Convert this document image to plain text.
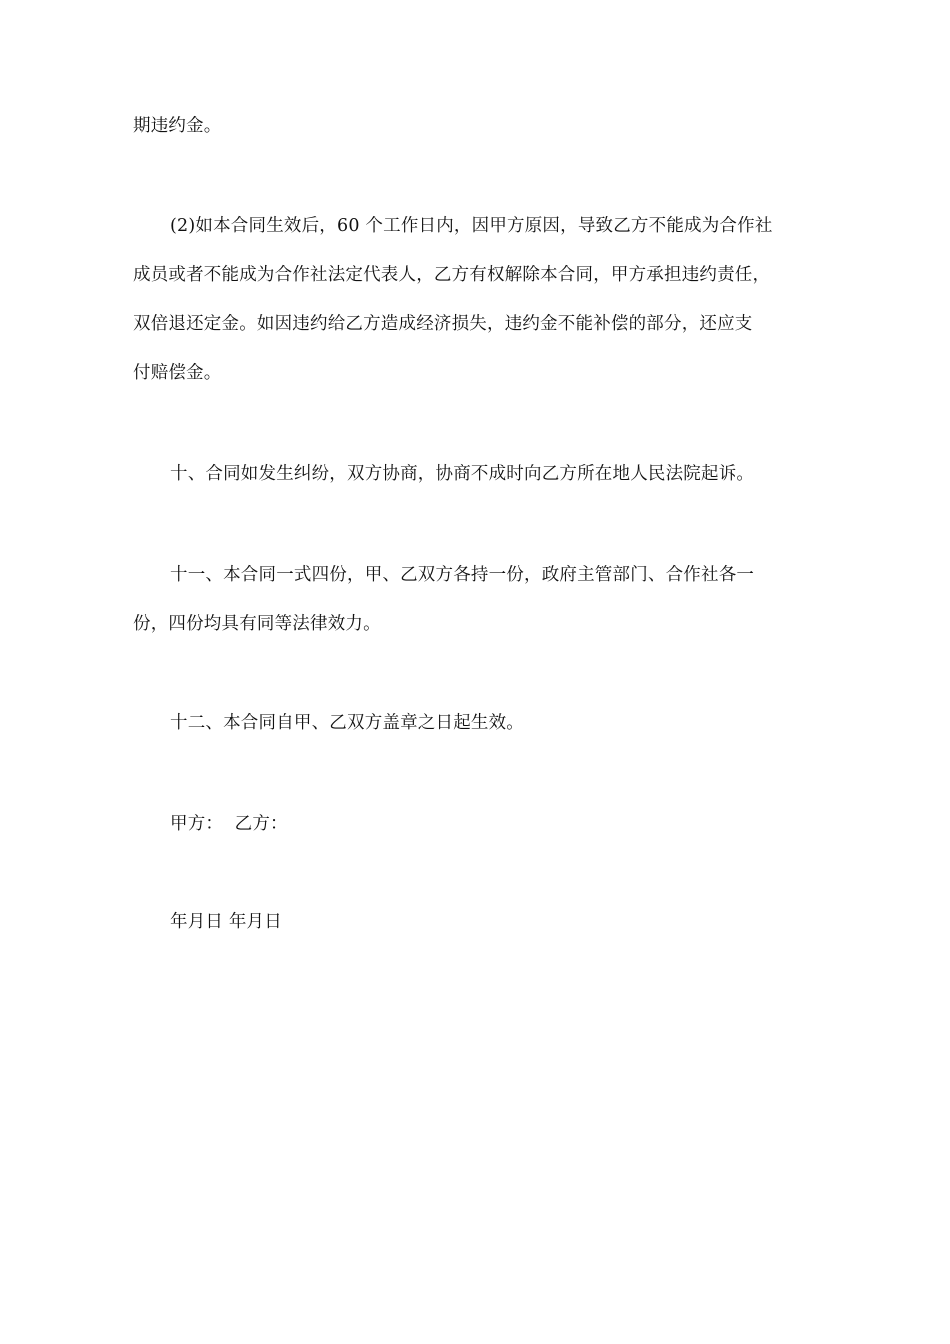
期违约金。
(2)如本合同生效后，60 个工作日内，因甲方原因，导致乙方不能成为合作社
成员或者不能成为合作社法定代表人，乙方有权解除本合同，甲方承担违约责任，
双倍退还定金。如因违约给乙方造成经济损失，违约金不能补偿的部分，还应支
付赔偿金。
十、合同如发生纠纷，双方协商，协商不成时向乙方所在地人民法院起诉。
十一、本合同一式四份，甲、乙双方各持一份，政府主管部门、合作社各一
份，四份均具有同等法律效力。
十二、本合同自甲、乙双方盖章之日起生效。
甲方：  乙方：
年月日 年月日
